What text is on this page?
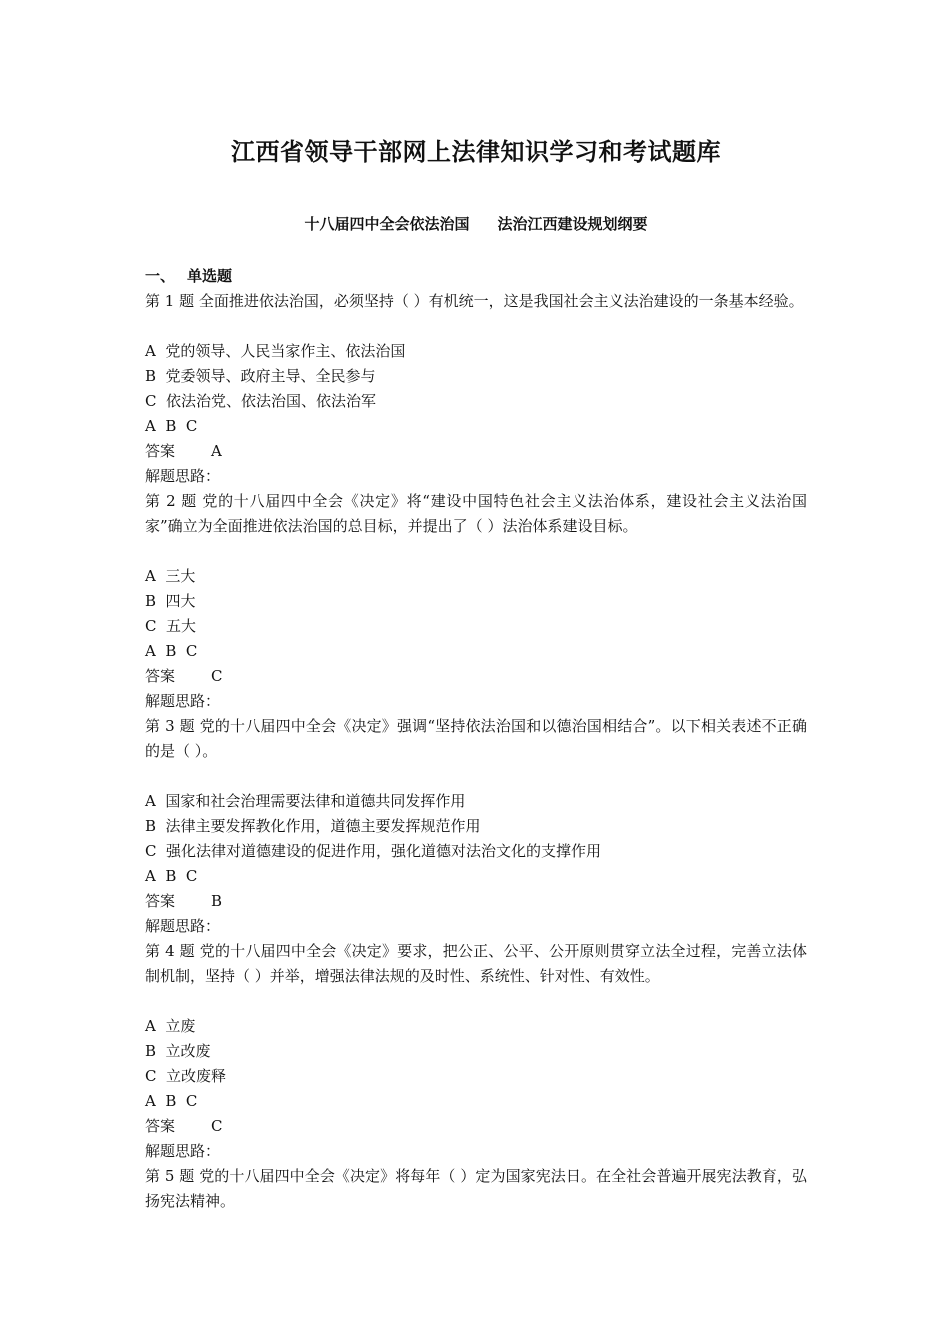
江西省领导干部网上法律知识学习和考试题库
十八届四中全会依法治国 法治江西建设规划纲要
一、 单选题
第 1 题 全面推进依法治国，必须坚持（ ）有机统一，这是我国社会主义法治建设的一条基本经验。
A  党的领导、人民当家作主、依法治国
B  党委领导、政府主导、全民参与
C  依法治党、依法治国、依法治军
A  B  C
答案 A
解题思路：
第 2 题 党的十八届四中全会《决定》将“建设中国特色社会主义法治体系，建设社会主义法治国家”确立为全面推进依法治国的总目标，并提出了（ ）法治体系建设目标。
A  三大
B  四大
C  五大
A  B  C
答案 C
解题思路：
第 3 题 党的十八届四中全会《决定》强调“坚持依法治国和以德治国相结合”。以下相关表述不正确的是（ ）。
A  国家和社会治理需要法律和道德共同发挥作用
B  法律主要发挥教化作用，道德主要发挥规范作用
C  强化法律对道德建设的促进作用，强化道德对法治文化的支撑作用
A  B  C
答案 B
解题思路：
第 4 题 党的十八届四中全会《决定》要求，把公正、公平、公开原则贯穿立法全过程，完善立法体制机制，坚持（ ）并举，增强法律法规的及时性、系统性、针对性、有效性。
A  立废
B  立改废
C  立改废释
A  B  C
答案 C
解题思路：
第 5 题 党的十八届四中全会《决定》将每年（ ）定为国家宪法日。在全社会普遍开展宪法教育，弘扬宪法精神。
